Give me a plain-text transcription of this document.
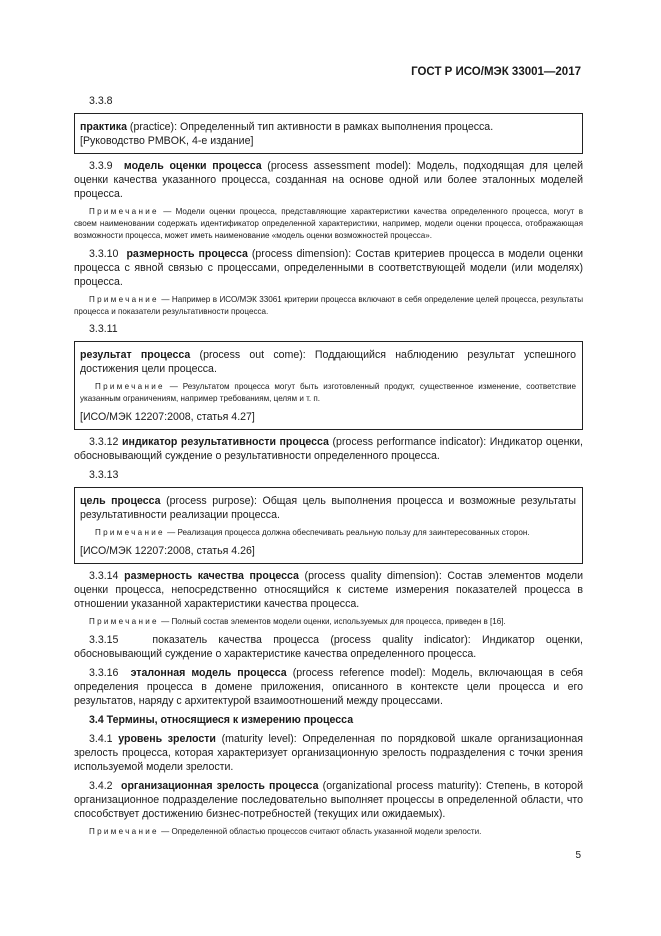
ГОСТ Р ИСО/МЭК 33001—2017

3.3.8

практика (practice): Определенный тип активности в рамках выполнения процесса.

[Руководство PMBOK, 4-е издание]

3.3.9 модель оценки процесса (process assessment model): Модель, подходящая для целей оценки качества указанного процесса, созданная на основе одной или более эталонных моделей процесса.

Примечание — Модели оценки процесса, представляющие характеристики качества определенного процесса, могут в своем наименовании содержать идентификатор определенной характеристики, например, модели оценки процесса, отображающая возможности процесса, может иметь наименование «модель оценки возможностей процесса».

3.3.10 размерность процесса (process dimension): Состав критериев процесса в модели оценки процесса с явной связью с процессами, определенными в соответствующей модели (или моделях) процесса.

Примечание — Например в ИСО/МЭК 33061 критерии процесса включают в себя определение целей процесса, результаты процесса и показатели результативности процесса.

3.3.11

результат процесса (process out come): Поддающийся наблюдению результат успешного достижения цели процесса.

Примечание — Результатом процесса могут быть изготовленный продукт, существенное изменение, соответствие указанным ограничениям, например требованиям, целям и т. п.

[ИСО/МЭК 12207:2008, статья 4.27]

3.3.12 индикатор результативности процесса (process performance indicator): Индикатор оценки, обосновывающий суждение о результативности определенного процесса.

3.3.13

цель процесса (process purpose): Общая цель выполнения процесса и возможные результаты результативности реализации процесса.

Примечание — Реализация процесса должна обеспечивать реальную пользу для заинтересованных сторон.

[ИСО/МЭК 12207:2008, статья 4.26]

3.3.14 размерность качества процесса (process quality dimension): Состав элементов модели оценки процесса, непосредственно относящийся к системе измерения показателей процесса в отношении указанной характеристики качества процесса.

Примечание — Полный состав элементов модели оценки, используемых для процесса, приведен в [16].

3.3.15	показатель качества процесса (process quality indicator): Индикатор оценки, обосновывающий суждение о характеристике качества определенного процесса.

3.3.16 эталонная модель процесса (process reference model): Модель, включающая в себя определения процесса в домене приложения, описанного в контексте цели процесса и его результатов, наряду с архитектурой взаимоотношений между процессами.

3.4 Термины, относящиеся к измерению процесса

3.4.1 уровень зрелости (maturity level): Определенная по порядковой шкале организационная зрелость процесса, которая характеризует организационную зрелость подразделения с точки зрения используемой модели зрелости.

3.4.2 организационная зрелость процесса (organizational process maturity): Степень, в которой организационное подразделение последовательно выполняет процессы в определенной области, что способствует достижению бизнес-потребностей (текущих или ожидаемых).

Примечание — Определенной областью процессов считают область указанной модели зрелости.

5
